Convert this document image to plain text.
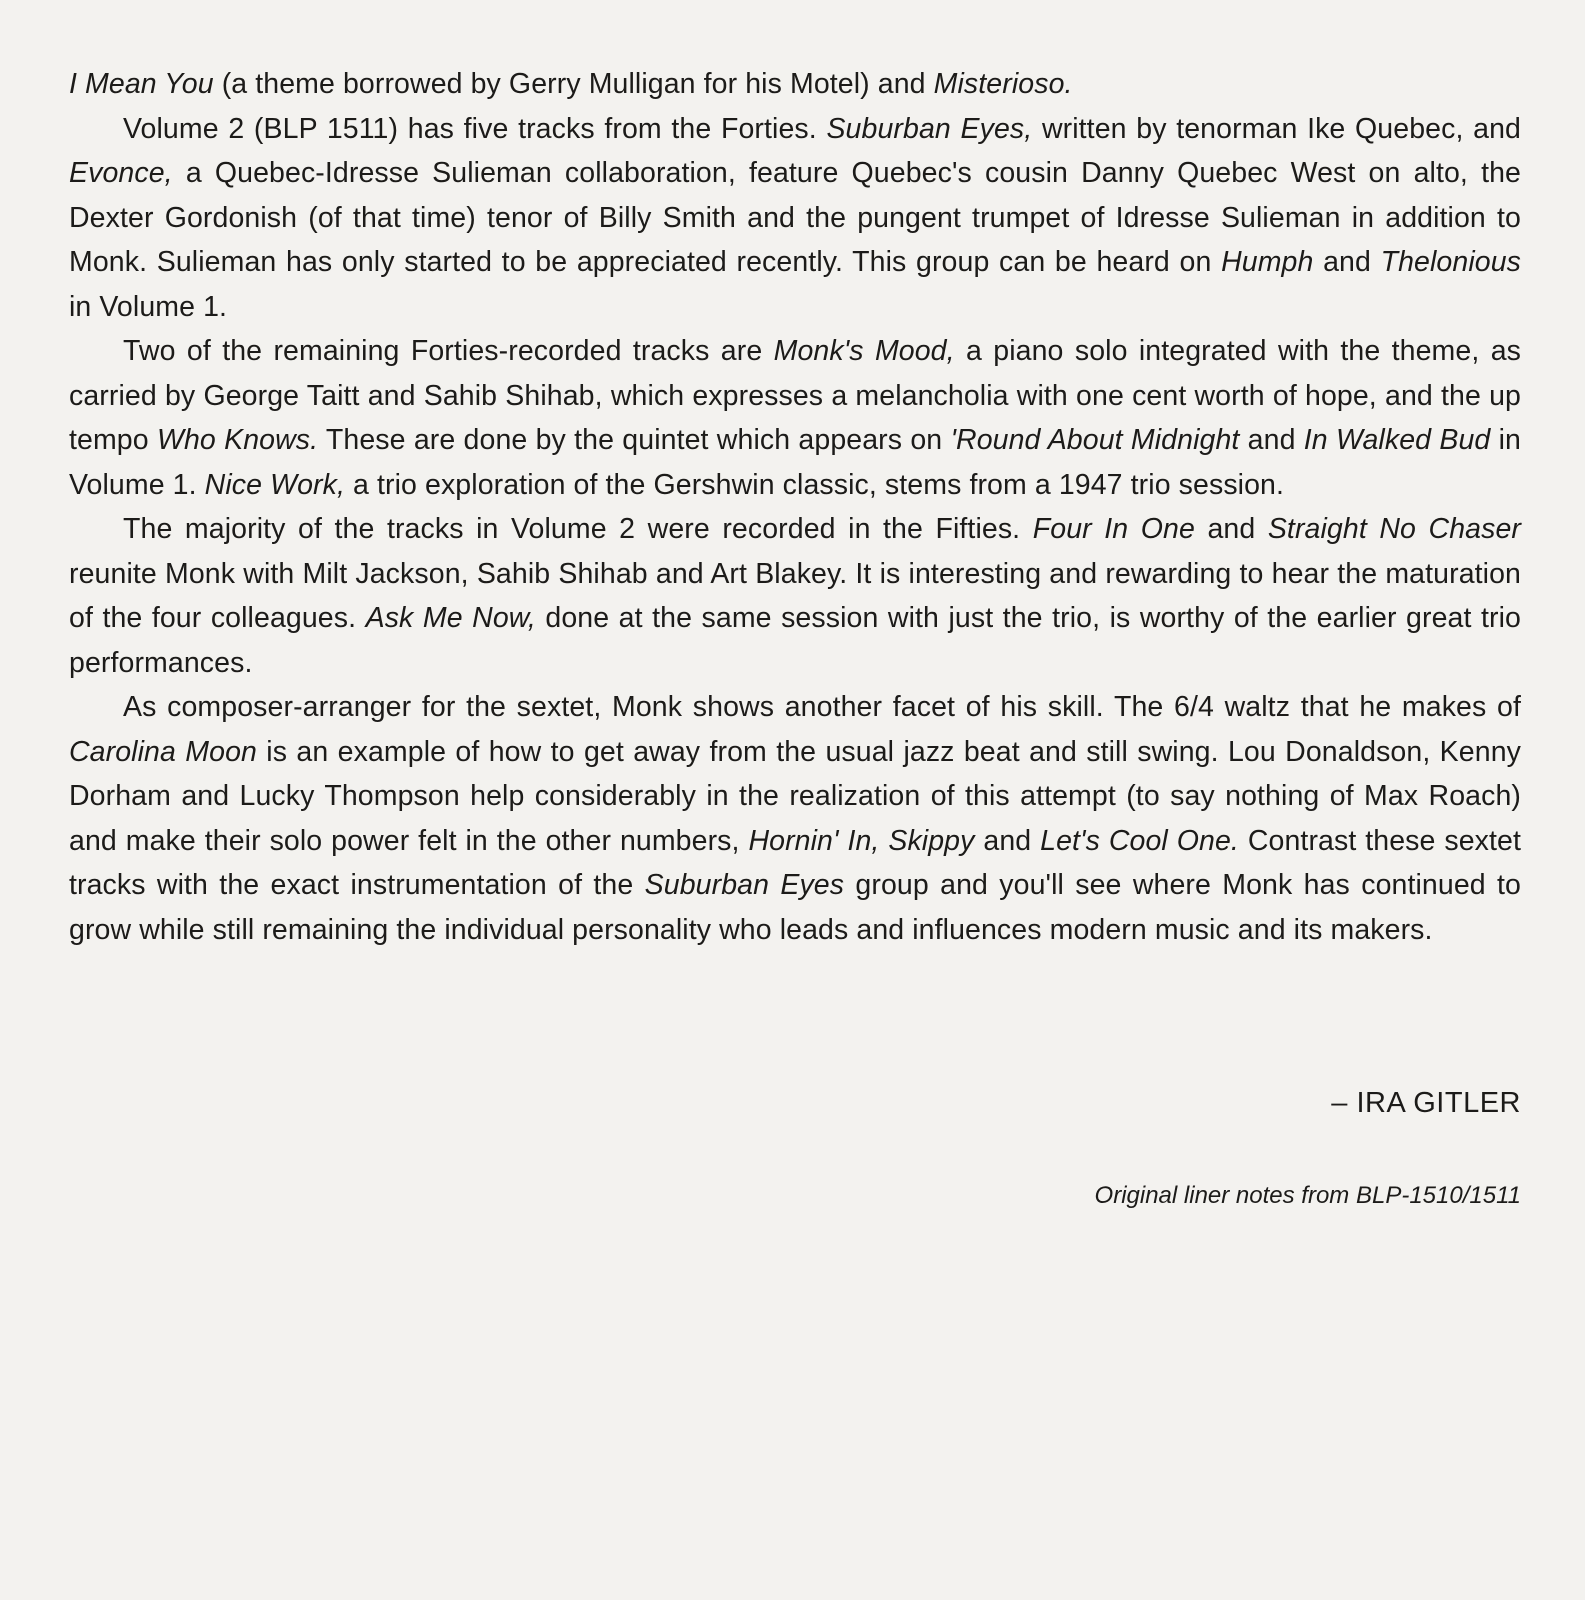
I Mean You (a theme borrowed by Gerry Mulligan for his Motel) and Misterioso.

Volume 2 (BLP 1511) has five tracks from the Forties. Suburban Eyes, written by tenorman Ike Quebec, and Evonce, a Quebec-Idresse Sulieman collaboration, feature Quebec's cousin Danny Quebec West on alto, the Dexter Gordonish (of that time) tenor of Billy Smith and the pungent trumpet of Idresse Sulieman in addition to Monk. Sulieman has only started to be appreciated recently. This group can be heard on Humph and Thelonious in Volume 1.

Two of the remaining Forties-recorded tracks are Monk's Mood, a piano solo integrated with the theme, as carried by George Taitt and Sahib Shihab, which expresses a melancholia with one cent worth of hope, and the up tempo Who Knows. These are done by the quintet which appears on 'Round About Midnight and In Walked Bud in Volume 1. Nice Work, a trio exploration of the Gershwin classic, stems from a 1947 trio session.

The majority of the tracks in Volume 2 were recorded in the Fifties. Four In One and Straight No Chaser reunite Monk with Milt Jackson, Sahib Shihab and Art Blakey. It is interesting and rewarding to hear the maturation of the four colleagues. Ask Me Now, done at the same session with just the trio, is worthy of the earlier great trio performances.

As composer-arranger for the sextet, Monk shows another facet of his skill. The 6/4 waltz that he makes of Carolina Moon is an example of how to get away from the usual jazz beat and still swing. Lou Donaldson, Kenny Dorham and Lucky Thompson help considerably in the realization of this attempt (to say nothing of Max Roach) and make their solo power felt in the other numbers, Hornin' In, Skippy and Let's Cool One. Contrast these sextet tracks with the exact instrumentation of the Suburban Eyes group and you'll see where Monk has continued to grow while still remaining the individual personality who leads and influences modern music and its makers.

– IRA GITLER
Original liner notes from BLP-1510/1511
